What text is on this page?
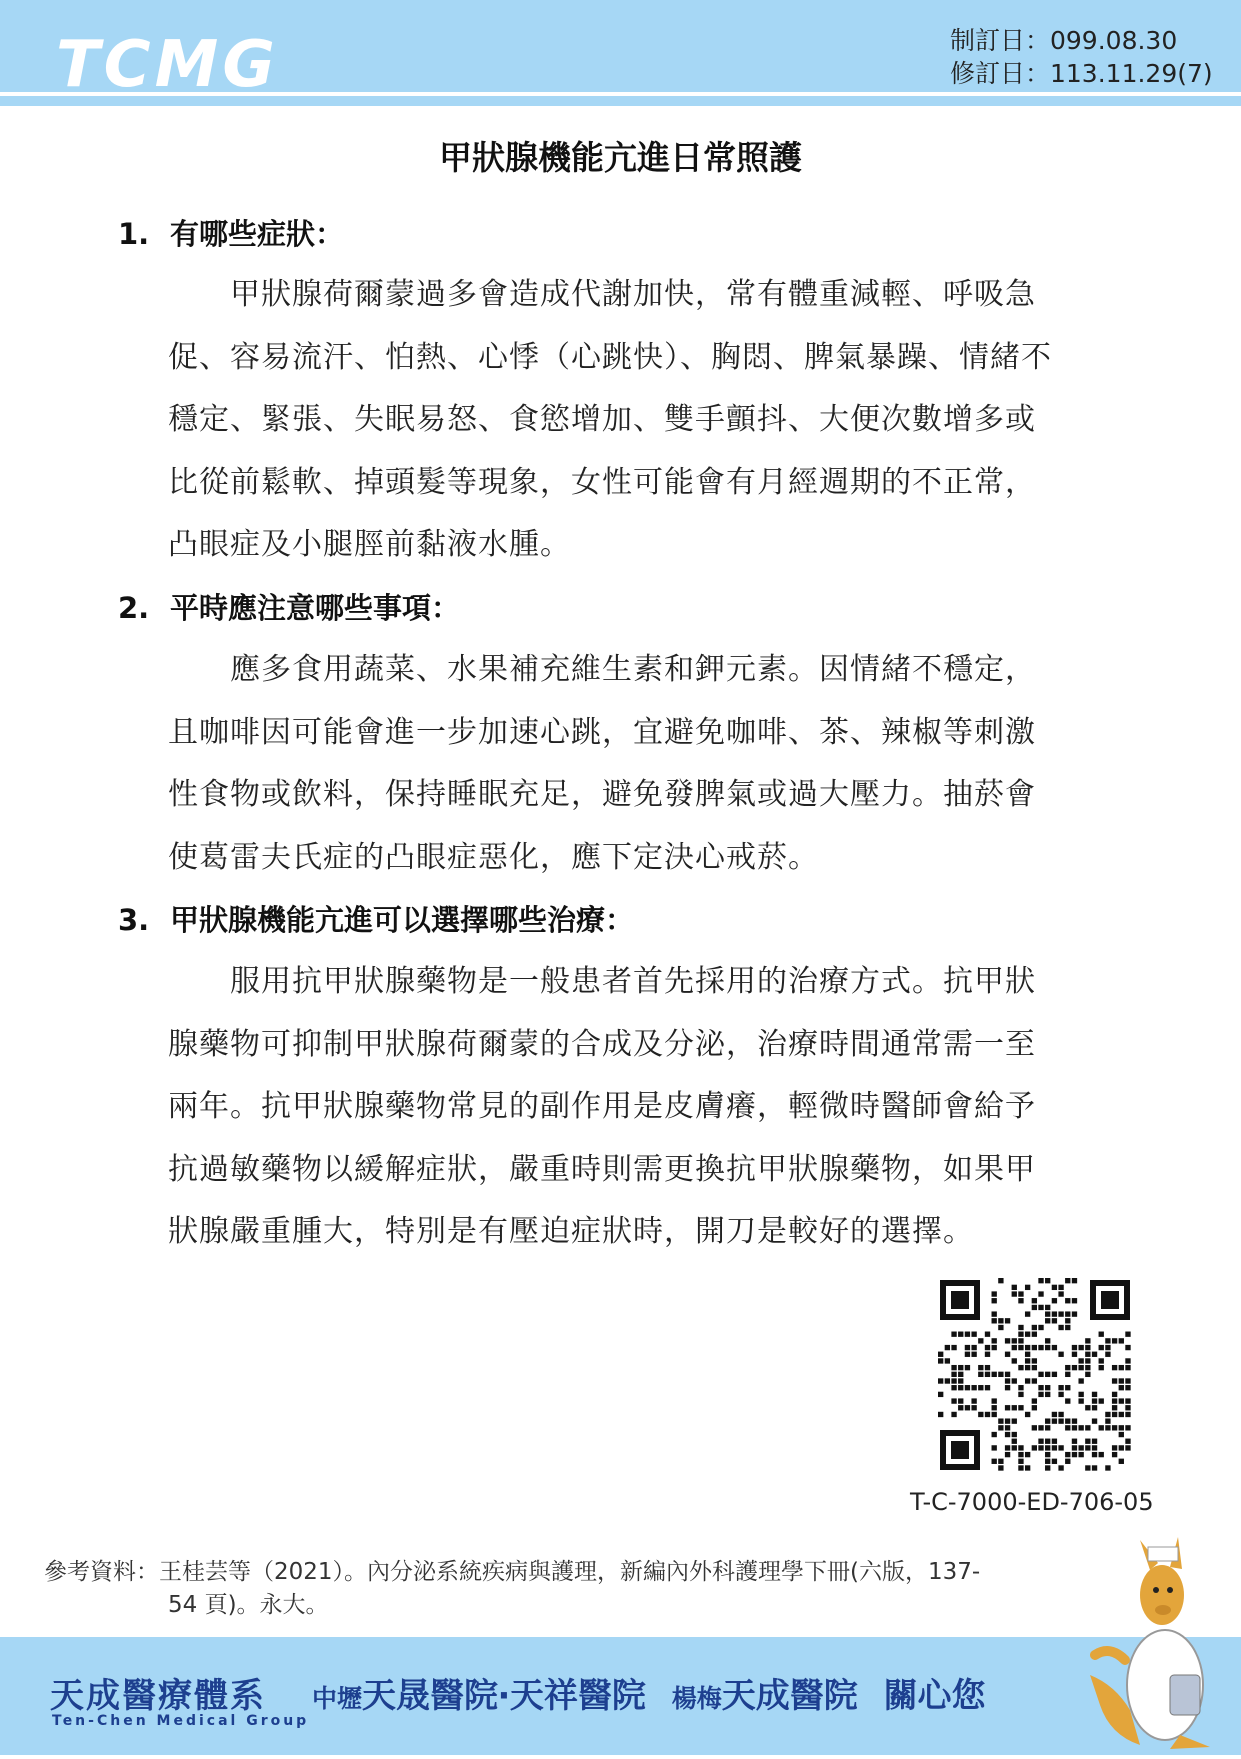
TCMG	制訂日：099.08.30
修訂日：113.11.29(7)
甲狀腺機能亢進日常照護
1. 有哪些症狀：
　　甲狀腺荷爾蒙過多會造成代謝加快，常有體重減輕、呼吸急
促、容易流汗、怕熱、心悸（心跳快）、胸悶、脾氣暴躁、情緒不
穩定、緊張、失眠易怒、食慾增加、雙手顫抖、大便次數增多或
比從前鬆軟、掉頭髮等現象，女性可能會有月經週期的不正常，
凸眼症及小腿脛前黏液水腫。
2. 平時應注意哪些事項：
　　應多食用蔬菜、水果補充維生素和鉀元素。因情緒不穩定，
且咖啡因可能會進一步加速心跳，宜避免咖啡、茶、辣椒等刺激
性食物或飲料，保持睡眠充足，避免發脾氣或過大壓力。抽菸會
使葛雷夫氏症的凸眼症惡化，應下定決心戒菸。
3. 甲狀腺機能亢進可以選擇哪些治療：
　　服用抗甲狀腺藥物是一般患者首先採用的治療方式。抗甲狀
腺藥物可抑制甲狀腺荷爾蒙的合成及分泌，治療時間通常需一至
兩年。抗甲狀腺藥物常見的副作用是皮膚癢，輕微時醫師會給予
抗過敏藥物以緩解症狀，嚴重時則需更換抗甲狀腺藥物，如果甲
狀腺嚴重腫大，特別是有壓迫症狀時，開刀是較好的選擇。
T-C-7000-ED-706-05
參考資料：王桂芸等（2021）。內分泌系統疾病與護理，新編內外科護理學下冊(六版，137-
54 頁)。永大。
天成醫療體系
Ten-Chen Medical Group
中壢天晟醫院‧天祥醫院 楊梅天成醫院 關心您
